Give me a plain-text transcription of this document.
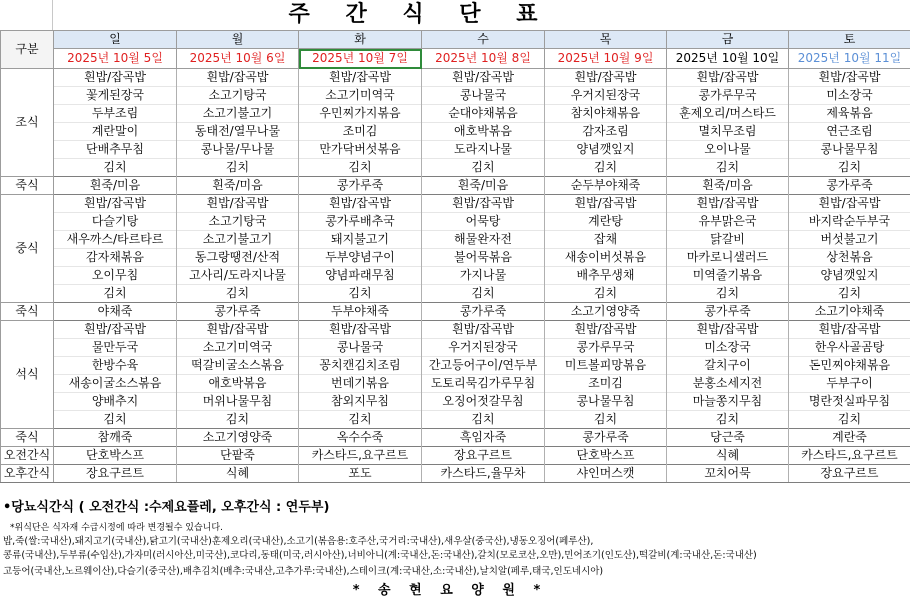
주 간 식 단 표
구분	일	월	화	수	목	금	토
	2025년 10월 5일	2025년 10월 6일	2025년 10월 7일	2025년 10월 8일	2025년 10월 9일	2025년 10월 10일	2025년 10월 11일
조식	흰밥/잡곡밥	흰밥/잡곡밥	흰밥/잡곡밥	흰밥/잡곡밥	흰밥/잡곡밥	흰밥/잡곡밥	흰밥/잡곡밥
	꽃게된장국	소고기탕국	소고기미역국	콩나물국	우거지된장국	콩가루무국	미소장국
	두부조림	소고기불고기	우민찌가지볶음	순대야채볶음	참치야채볶음	훈제오리/머스타드	제육볶음
	계란말이	동태전/열무나물	조미김	애호박볶음	감자조림	멸치무조림	연근조림
	단배추무침	콩나물/무나물	만가닥버섯볶음	도라지나물	양념깻잎지	오이나물	콩나물무침
	김치	김치	김치	김치	김치	김치	김치
죽식	흰죽/미음	흰죽/미음	콩가루죽	흰죽/미음	순두부야채죽	흰죽/미음	콩가루죽
중식	흰밥/잡곡밥	흰밥/잡곡밥	흰밥/잡곡밥	흰밥/잡곡밥	흰밥/잡곡밥	흰밥/잡곡밥	흰밥/잡곡밥
	다슬기탕	소고기탕국	콩가루배추국	어묵탕	계란탕	유부맑은국	바지락순두부국
	새우까스/타르타르	소고기불고기	돼지불고기	해물완자전	잡채	닭갈비	버섯불고기
	감자채볶음	동그랑땡전/산적	두부양념구이	불어묵볶음	새송이버섯볶음	마카로니샐러드	상천볶음
	오이무침	고사리/도라지나물	양념파래무침	가지나물	배추무생채	미역줄기볶음	양념깻잎지
	김치	김치	김치	김치	김치	김치	김치
죽식	야채죽	콩가루죽	두부야채죽	콩가루죽	소고기영양죽	콩가루죽	소고기야채죽
석식	흰밥/잡곡밥	흰밥/잡곡밥	흰밥/잡곡밥	흰밥/잡곡밥	흰밥/잡곡밥	흰밥/잡곡밥	흰밥/잡곡밥
	물만두국	소고기미역국	콩나물국	우거지된장국	콩가루무국	미소장국	한우사골곰탕
	한방수육	떡갈비굴소스볶음	꽁치캔김치조림	간고등어구이/연두부	미트볼피망볶음	갈치구이	돈민찌야채볶음
	새송이굴소스볶음	애호박볶음	번데기볶음	도토리묵김가루무침	조미김	분홍소세지전	두부구이
	양배추지	머위나물무침	참외지무침	오징어젓갈무침	콩나물무침	마늘쫑지무침	명란젓실파무침
	김치	김치	김치	김치	김치	김치	김치
죽식	참깨죽	소고기영양죽	옥수수죽	흑임자죽	콩가루죽	당근죽	계란죽
오전간식	단호박스프	단팥죽	카스타드,요구르트	장요구르트	단호박스프	식혜	카스타드,요구르트
오후간식	장요구르트	식혜	포도	카스타드,율무차	샤인머스캣	꼬치어묵	장요구르트
•당뇨식간식 ( 오전간식 :수제요플레, 오후간식 : 연두부)
*위식단은 식자재 수급시정에 따라 변경될수 있습니다.
밥,죽(쌀:국내산),돼지고기(국내산),닭고기(국내산)훈제오리(국내산),소고기(볶음용:호주산,국거리:국내산),새우살(중국산),냉동오징어(페루산),
콩류(국내산),두부류(수입산),가자미(러시아산,미국산),코다리,동태(미국,러시아산),너비아니(계:국내산,돈:국내산),갈치(모로코산,오만),민어조기(인도산),떡갈비(계:국내산,돈:국내산)
고등어(국내산,노르웨이산),다슬기(중국산),배추김치(배추:국내산,고추가루:국내산),스테이크(계:국내산,소:국내산),날치알(페루,태국,인도네시아)
* 송 현 요 양 원 *
